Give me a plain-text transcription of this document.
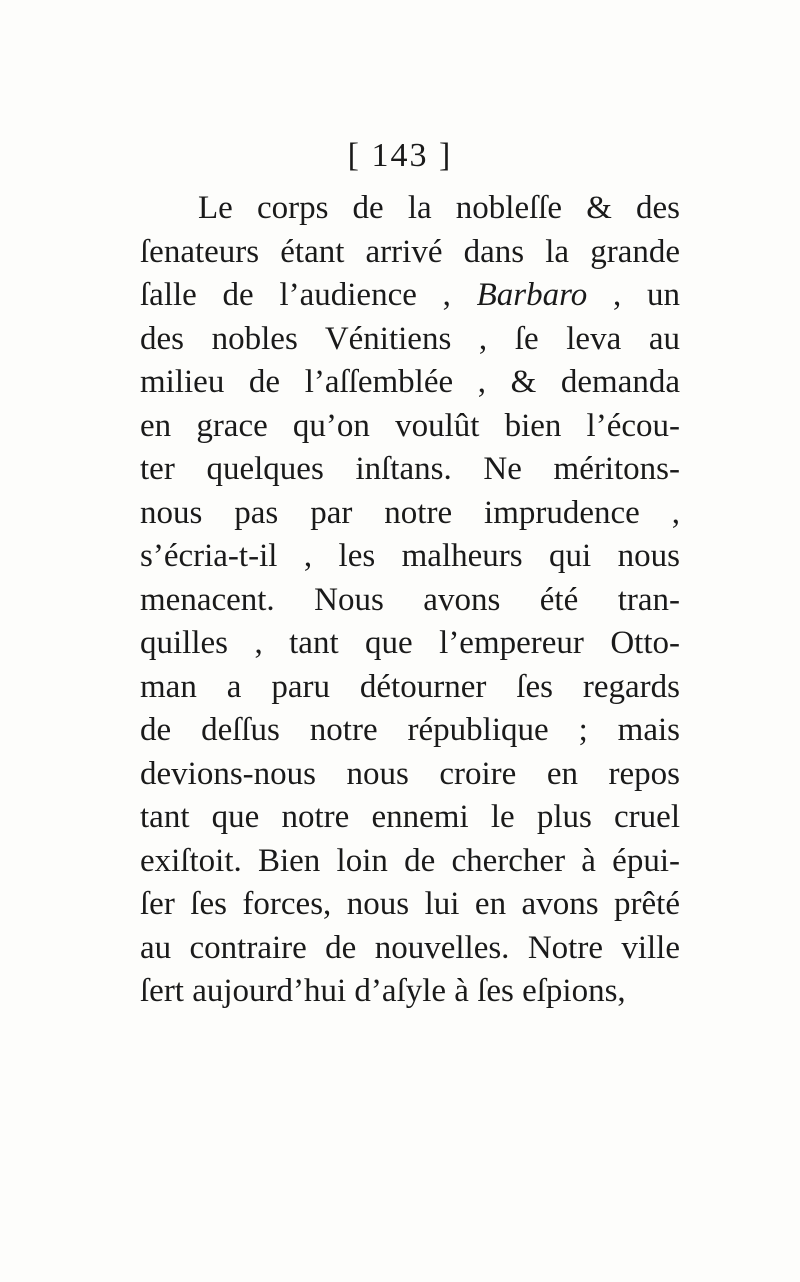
[ 143 ]
Le corps de la nobleſſe & des
ſenateurs étant arrivé dans la grande
ſalle de l’audience , Barbaro , un
des nobles Vénitiens , ſe leva au
milieu de l’aſſemblée , & demanda
en grace qu’on voulût bien l’écou-
ter quelques inſtans. Ne méritons-
nous pas par notre imprudence ,
s’écria-t-il , les malheurs qui nous
menacent. Nous avons été tran-
quilles , tant que l’empereur Otto-
man a paru détourner ſes regards
de deſſus notre république ; mais
devions-nous nous croire en repos
tant que notre ennemi le plus cruel
exiſtoit. Bien loin de chercher à épui-
ſer ſes forces, nous lui en avons prêté
au contraire de nouvelles. Notre ville
ſert aujourd’hui d’aſyle à ſes eſpions,
